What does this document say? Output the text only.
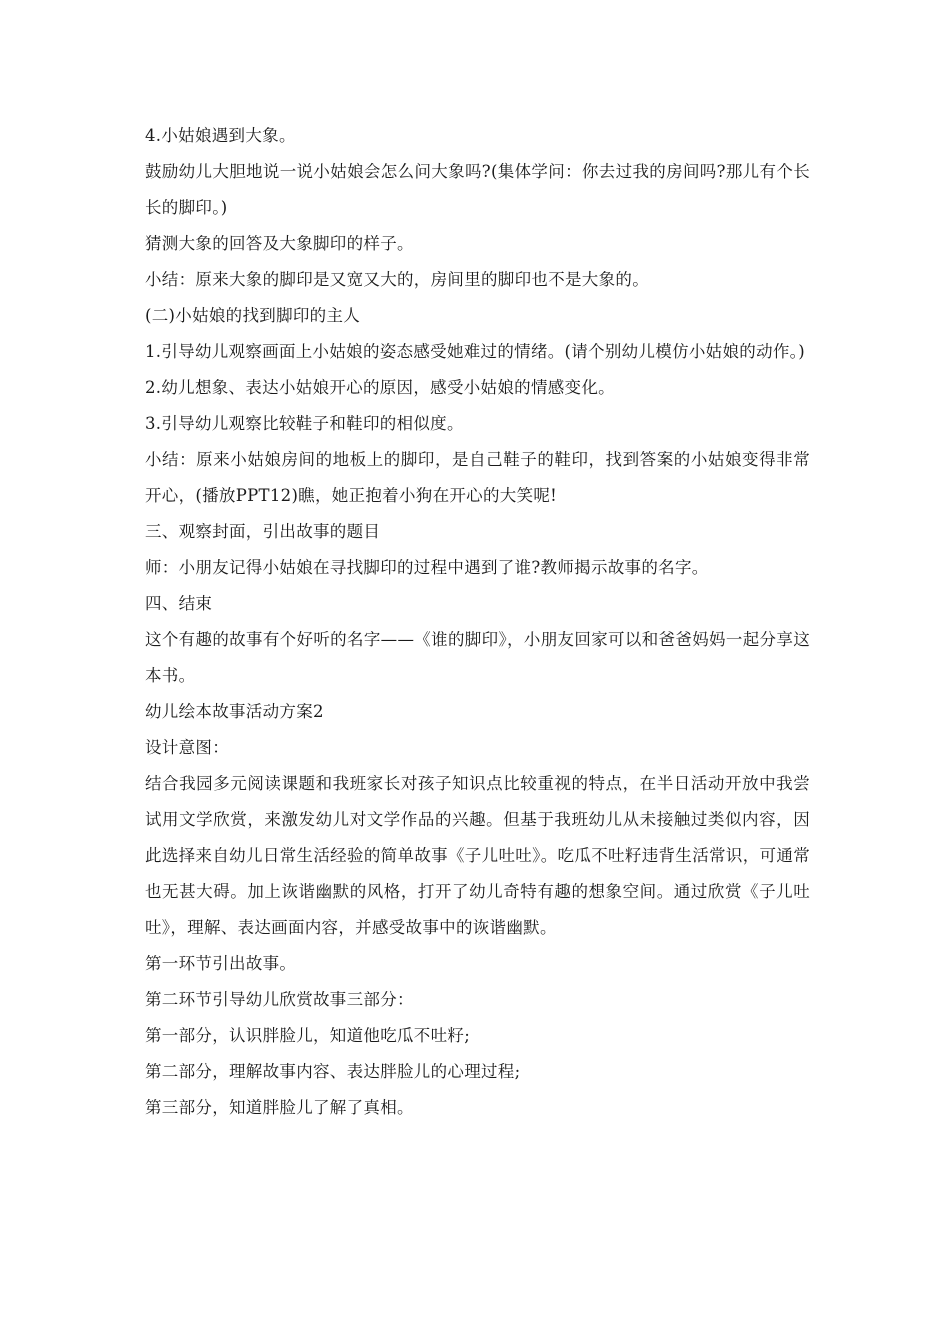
4.小姑娘遇到大象。

鼓励幼儿大胆地说一说小姑娘会怎么问大象吗?(集体学问：你去过我的房间吗?那儿有个长长的脚印。)

猜测大象的回答及大象脚印的样子。

小结：原来大象的脚印是又宽又大的，房间里的脚印也不是大象的。

(二)小姑娘的找到脚印的主人

1.引导幼儿观察画面上小姑娘的姿态感受她难过的情绪。(请个别幼儿模仿小姑娘的动作。)

2.幼儿想象、表达小姑娘开心的原因，感受小姑娘的情感变化。

3.引导幼儿观察比较鞋子和鞋印的相似度。

小结：原来小姑娘房间的地板上的脚印，是自己鞋子的鞋印，找到答案的小姑娘变得非常开心，(播放PPT12)瞧，她正抱着小狗在开心的大笑呢!

三、观察封面，引出故事的题目

师：小朋友记得小姑娘在寻找脚印的过程中遇到了谁?教师揭示故事的名字。

四、结束

这个有趣的故事有个好听的名字——《谁的脚印》，小朋友回家可以和爸爸妈妈一起分享这本书。

幼儿绘本故事活动方案2

设计意图：

结合我园多元阅读课题和我班家长对孩子知识点比较重视的特点，在半日活动开放中我尝试用文学欣赏，来激发幼儿对文学作品的兴趣。但基于我班幼儿从未接触过类似内容，因此选择来自幼儿日常生活经验的简单故事《子儿吐吐》。吃瓜不吐籽违背生活常识，可通常也无甚大碍。加上诙谐幽默的风格，打开了幼儿奇特有趣的想象空间。通过欣赏《子儿吐吐》，理解、表达画面内容，并感受故事中的诙谐幽默。

第一环节引出故事。

第二环节引导幼儿欣赏故事三部分：

第一部分，认识胖脸儿，知道他吃瓜不吐籽;

第二部分，理解故事内容、表达胖脸儿的心理过程;

第三部分，知道胖脸儿了解了真相。
